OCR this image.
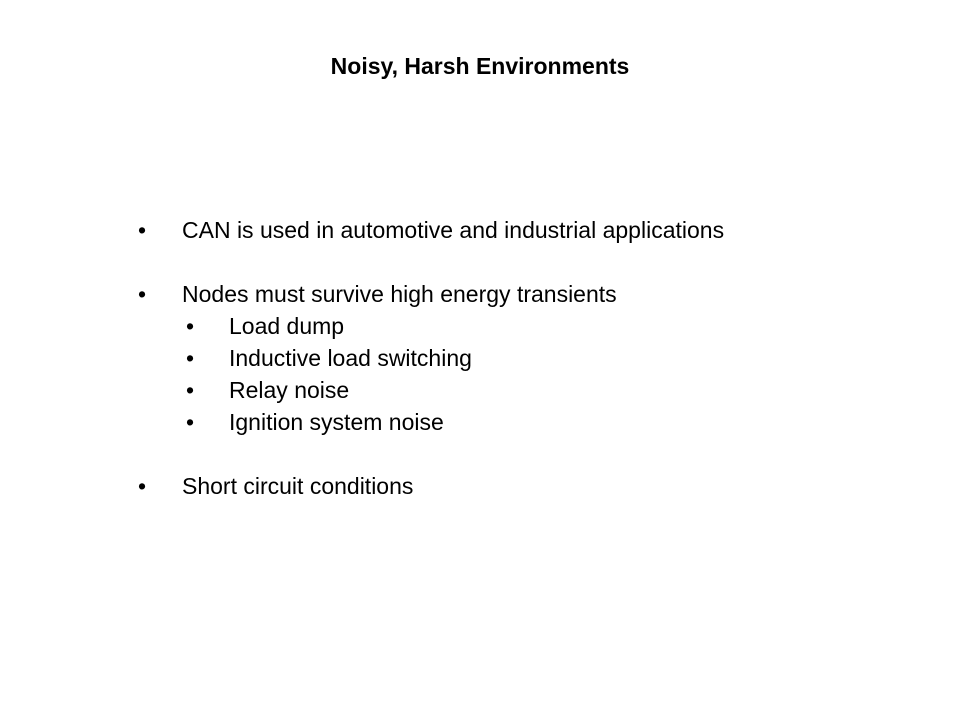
Noisy, Harsh Environments
• CAN is used in automotive and industrial applications
• Nodes must survive high energy transients
• Load dump
• Inductive load switching
• Relay noise
• Ignition system noise
• Short circuit conditions
